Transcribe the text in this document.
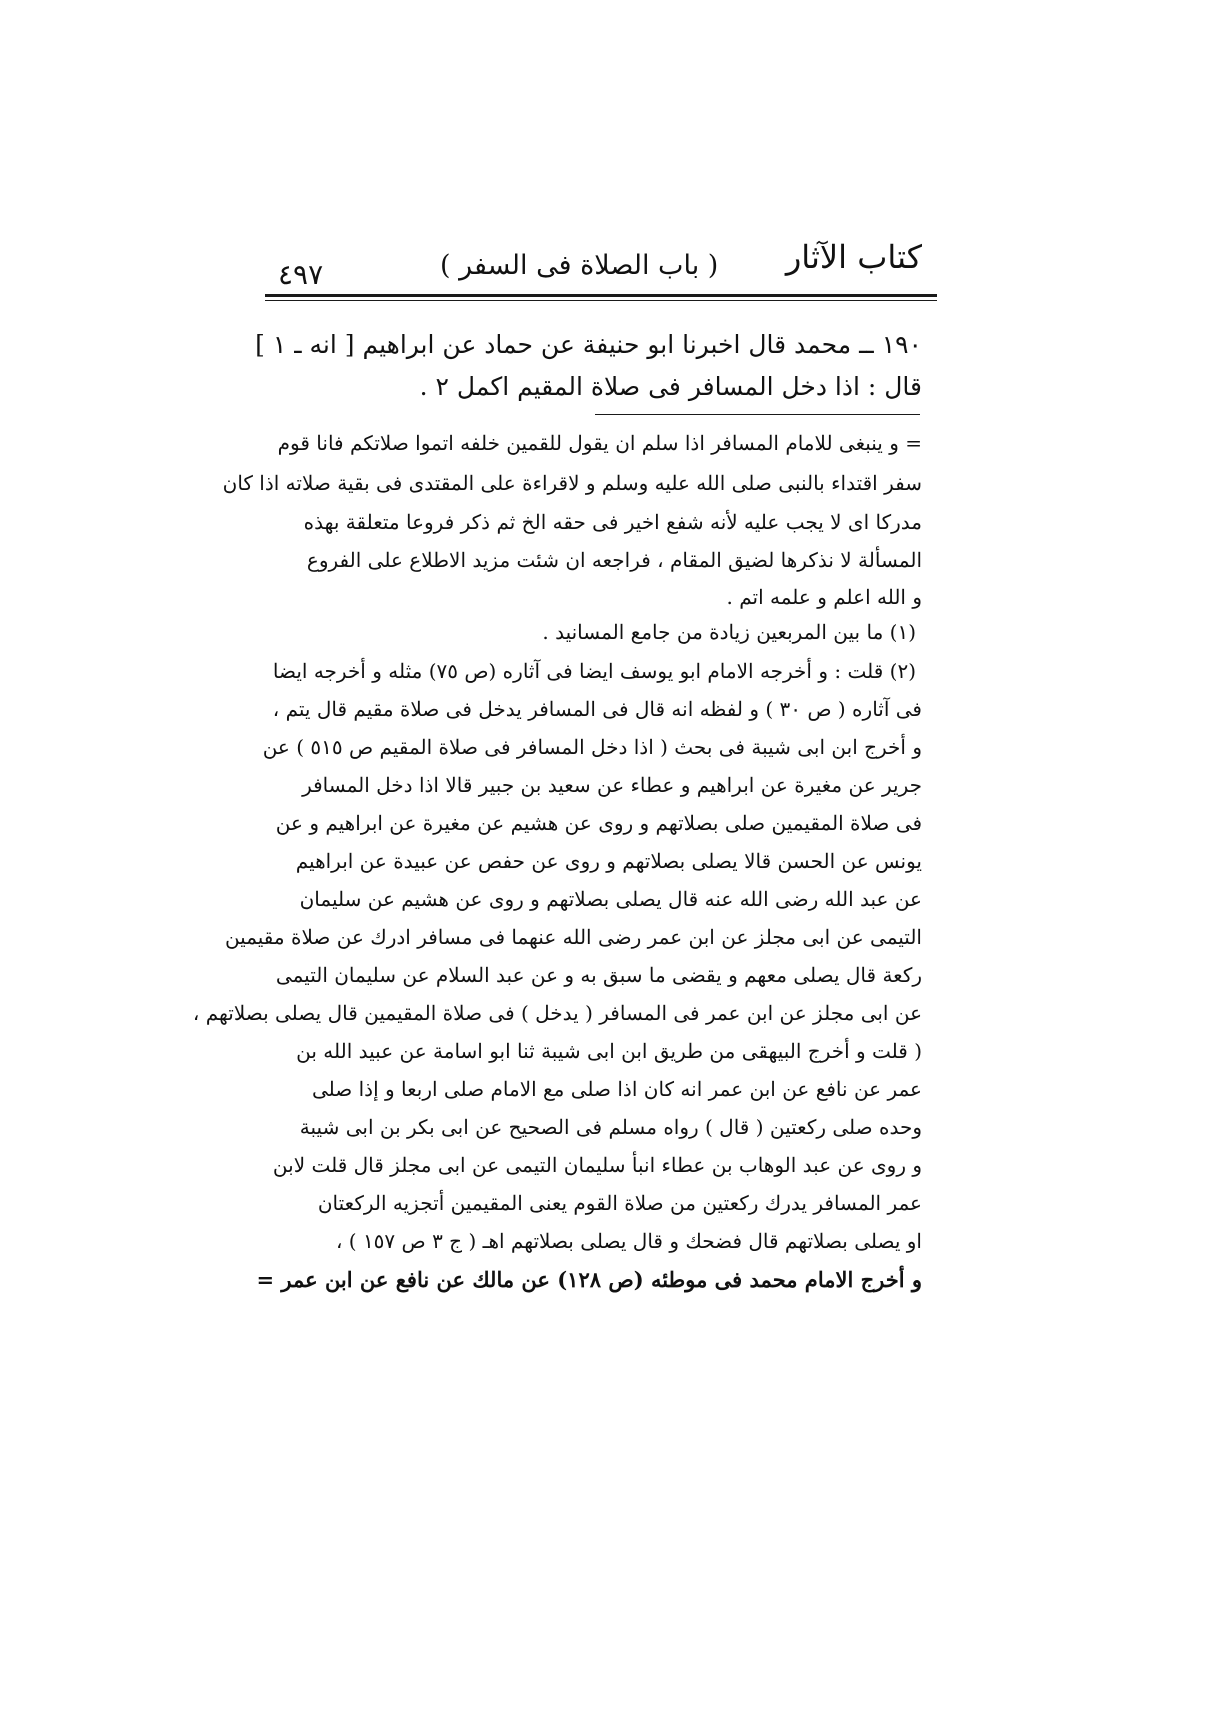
كتاب الآثار
( باب الصلاة فى السفر )
٤٩٧
١٩٠ ــ محمد قال اخبرنا ابو حنيفة عن حماد عن ابراهيم [ انه ـ ١ ]
قال : اذا دخل المسافر فى صلاة المقيم اكمل ٢ .
= و ينبغى للامام المسافر اذا سلم ان يقول للقمين خلفه اتموا صلاتكم فانا قوم
سفر اقتداء بالنبى صلى الله عليه وسلم و لاقراءة على المقتدى فى بقية صلاته اذا كان
مدركا اى لا يجب عليه لأنه شفع اخير فى حقه الخ ثم ذكر فروعا متعلقة بهذه
المسألة لا نذكرها لضيق المقام ، فراجعه ان شئت مزيد الاطلاع على الفروع
و الله اعلم و علمه اتم .
(١) ما بين المربعين زيادة من جامع المسانيد .
(٢) قلت : و أخرجه الامام ابو يوسف ايضا فى آثاره (ص ٧٥) مثله و أخرجه ايضا
فى آثاره ( ص ٣٠ ) و لفظه انه قال فى المسافر يدخل فى صلاة مقيم قال يتم ،
و أخرج ابن ابى شيبة فى بحث ( اذا دخل المسافر فى صلاة المقيم ص ٥١٥ ) عن
جرير عن مغيرة عن ابراهيم و عطاء عن سعيد بن جبير قالا اذا دخل المسافر
فى صلاة المقيمين صلى بصلاتهم و روى عن هشيم عن مغيرة عن ابراهيم و عن
يونس عن الحسن قالا يصلى بصلاتهم و روى عن حفص عن عبيدة عن ابراهيم
عن عبد الله رضى الله عنه قال يصلى بصلاتهم و روى عن هشيم عن سليمان
التيمى عن ابى مجلز عن ابن عمر رضى الله عنهما فى مسافر ادرك عن صلاة مقيمين
ركعة قال يصلى معهم و يقضى ما سبق به و عن عبد السلام عن سليمان التيمى
عن ابى مجلز عن ابن عمر فى المسافر ( يدخل ) فى صلاة المقيمين قال يصلى بصلاتهم ،
( قلت و أخرج البيهقى من طريق ابن ابى شيبة ثنا ابو اسامة عن عبيد الله بن
عمر عن نافع عن ابن عمر انه كان اذا صلى مع الامام صلى اربعا و إذا صلى
وحده صلى ركعتين ( قال ) رواه مسلم فى الصحيح عن ابى بكر بن ابى شيبة
و روى عن عبد الوهاب بن عطاء انبأ سليمان التيمى عن ابى مجلز قال قلت لابن
عمر المسافر يدرك ركعتين من صلاة القوم يعنى المقيمين أتجزيه الركعتان
او يصلى بصلاتهم قال فضحك و قال يصلى بصلاتهم اهـ ( ج ٣ ص ١٥٧ ) ،
و أخرج الامام محمد فى موطئه (ص ١٢٨) عن مالك عن نافع عن ابن عمر =
